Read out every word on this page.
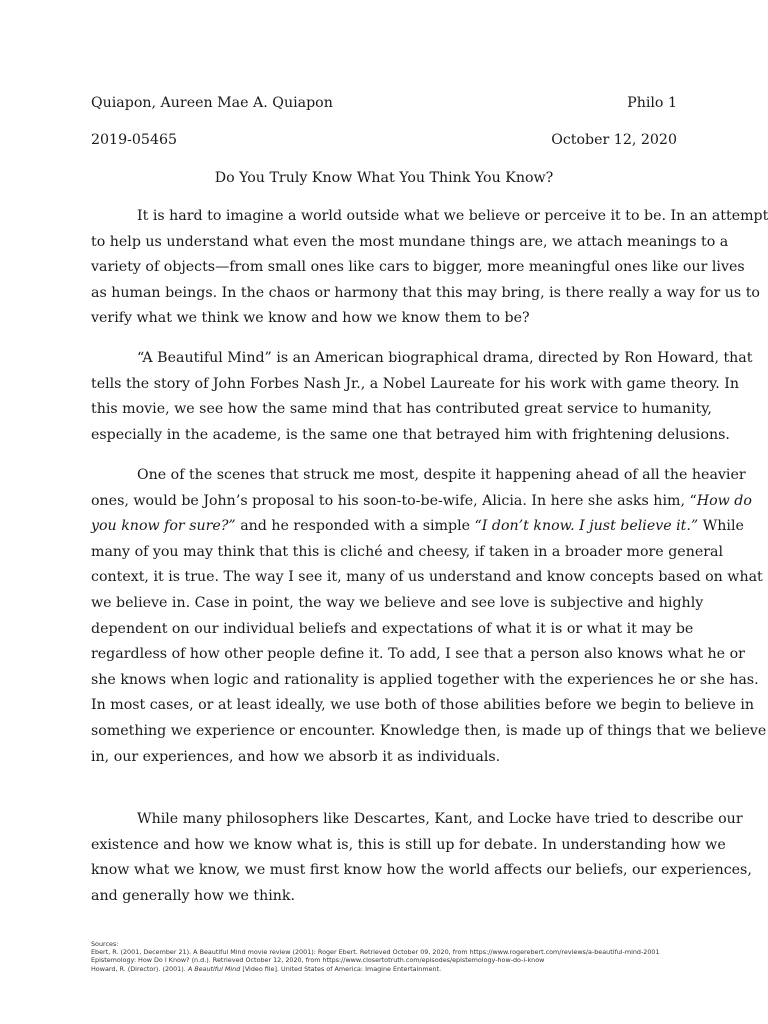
Quiapon, Aureen Mae A. Quiapon	Philo 1
2019-05465	October 12, 2020
Do You Truly Know What You Think You Know?
It is hard to imagine a world outside what we believe or perceive it to be. In an attempt
to help us understand what even the most mundane things are, we attach meanings to a
variety of objects—from small ones like cars to bigger, more meaningful ones like our lives
as human beings. In the chaos or harmony that this may bring, is there really a way for us to
verify what we think we know and how we know them to be?
“A Beautiful Mind” is an American biographical drama, directed by Ron Howard, that
tells the story of John Forbes Nash Jr., a Nobel Laureate for his work with game theory. In
this movie, we see how the same mind that has contributed great service to humanity,
especially in the academe, is the same one that betrayed him with frightening delusions.
One of the scenes that struck me most, despite it happening ahead of all the heavier
ones, would be John’s proposal to his soon-to-be-wife, Alicia. In here she asks him, “How do
you know for sure?” and he responded with a simple “I don’t know. I just believe it.” While
many of you may think that this is cliché and cheesy, if taken in a broader more general
context, it is true. The way I see it, many of us understand and know concepts based on what
we believe in. Case in point, the way we believe and see love is subjective and highly
dependent on our individual beliefs and expectations of what it is or what it may be
regardless of how other people define it. To add, I see that a person also knows what he or
she knows when logic and rationality is applied together with the experiences he or she has.
In most cases, or at least ideally, we use both of those abilities before we begin to believe in
something we experience or encounter. Knowledge then, is made up of things that we believe
in, our experiences, and how we absorb it as individuals.
While many philosophers like Descartes, Kant, and Locke have tried to describe our
existence and how we know what is, this is still up for debate. In understanding how we
know what we know, we must first know how the world affects our beliefs, our experiences,
and generally how we think.
Sources:
Ebert, R. (2001, December 21). A Beautiful Mind movie review (2001): Roger Ebert. Retrieved October 09, 2020, from https://www.rogerebert.com/reviews/a-beautiful-mind-2001
Epistemology: How Do I Know? (n.d.). Retrieved October 12, 2020, from https://www.closertotruth.com/episodes/epistemology-how-do-i-know
Howard, R. (Director). (2001). A Beautiful Mind [Video file]. United States of America: Imagine Entertainment.
